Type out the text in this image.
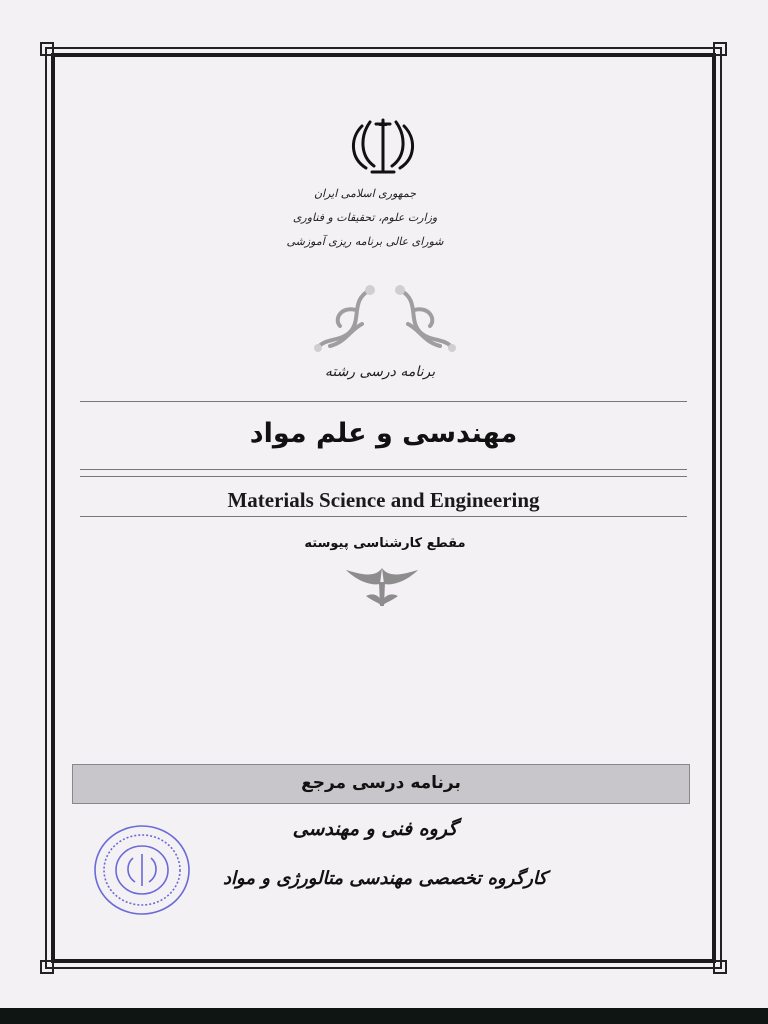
جمهوری اسلامی ایران
وزارت علوم، تحقیقات و فناوری
شورای عالی برنامه ریزی آموزشی
برنامه درسی رشته
مهندسی و علم مواد
Materials Science and Engineering
مقطع کارشناسی پیوسته
برنامه درسی مرجع
گروه فنی و مهندسی
کارگروه تخصصی مهندسی متالورژی و مواد
